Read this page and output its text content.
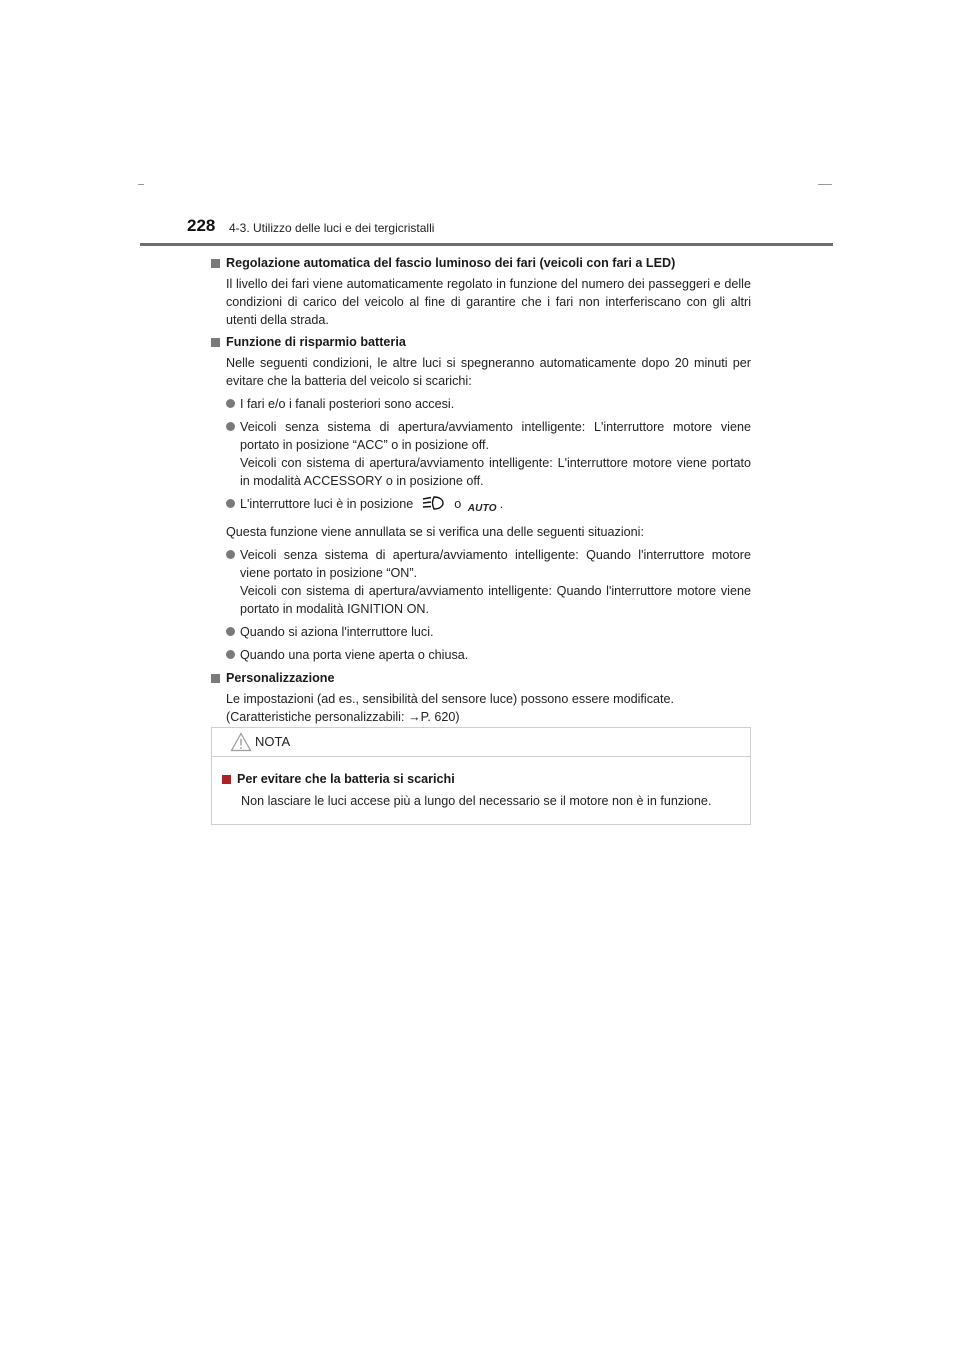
228 4-3. Utilizzo delle luci e dei tergicristalli
Regolazione automatica del fascio luminoso dei fari (veicoli con fari a LED)
Il livello dei fari viene automaticamente regolato in funzione del numero dei passeggeri e delle condizioni di carico del veicolo al fine di garantire che i fari non interferiscano con gli altri utenti della strada.
Funzione di risparmio batteria
Nelle seguenti condizioni, le altre luci si spegneranno automaticamente dopo 20 minuti per evitare che la batteria del veicolo si scarichi:
I fari e/o i fanali posteriori sono accesi.
Veicoli senza sistema di apertura/avviamento intelligente: L'interruttore motore viene portato in posizione “ACC” o in posizione off.
Veicoli con sistema di apertura/avviamento intelligente: L'interruttore motore viene portato in modalità ACCESSORY o in posizione off.
L'interruttore luci è in posizione	o AUTO .
Questa funzione viene annullata se si verifica una delle seguenti situazioni:
Veicoli senza sistema di apertura/avviamento intelligente: Quando l'interruttore motore viene portato in posizione “ON”.
Veicoli con sistema di apertura/avviamento intelligente: Quando l'interruttore motore viene portato in modalità IGNITION ON.
Quando si aziona l'interruttore luci.
Quando una porta viene aperta o chiusa.
Personalizzazione
Le impostazioni (ad es., sensibilità del sensore luce) possono essere modificate.
(Caratteristiche personalizzabili: →P. 620)
NOTA
Per evitare che la batteria si scarichi
Non lasciare le luci accese più a lungo del necessario se il motore non è in funzione.
